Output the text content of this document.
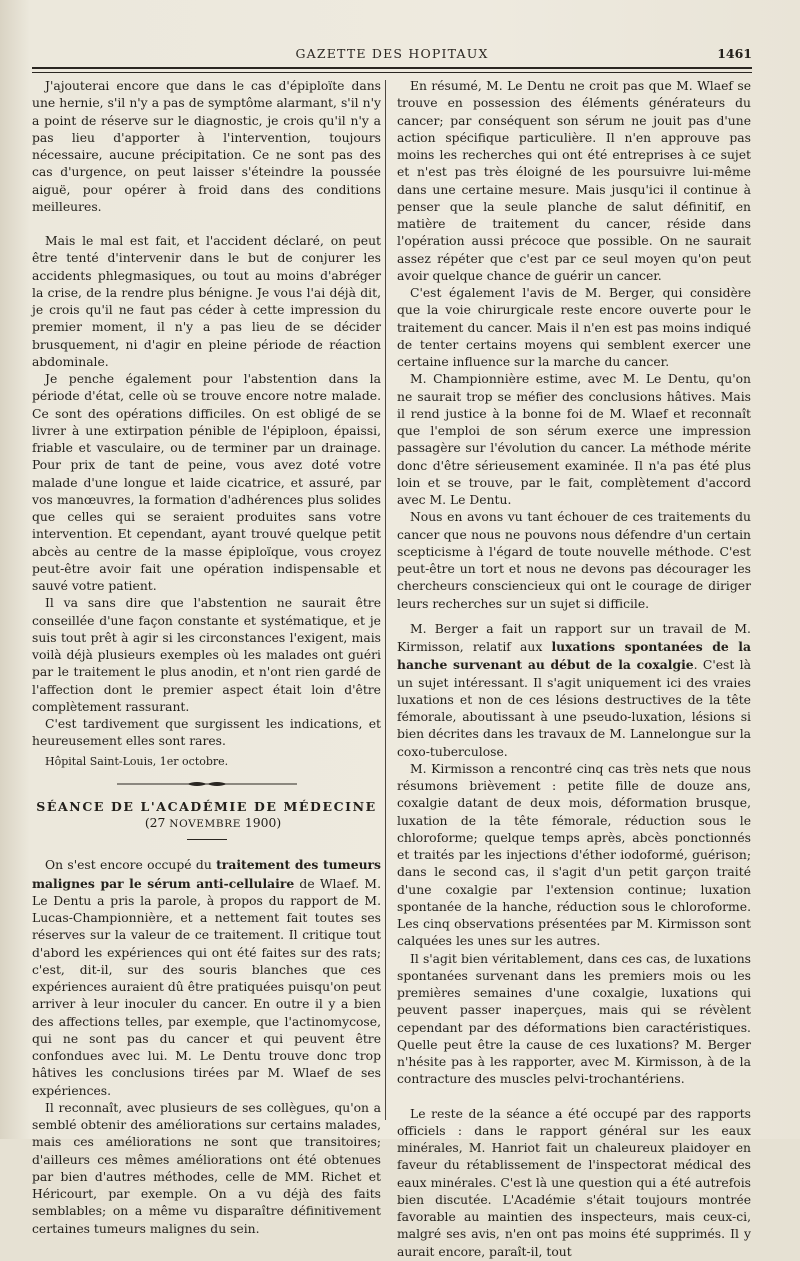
GAZETTE DES HOPITAUX	1461

J'ajouterai encore que dans le cas d'épiploïte dans une hernie, s'il n'y a pas de symptôme alarmant, s'il n'y a point de réserve sur le diagnostic, je crois qu'il n'y a pas lieu d'apporter à l'intervention, toujours nécessaire, aucune précipitation. Ce ne sont pas des cas d'urgence, on peut laisser s'éteindre la poussée aiguë, pour opérer à froid dans des conditions meilleures.

Mais le mal est fait, et l'accident déclaré, on peut être tenté d'intervenir dans le but de conjurer les accidents phlegmasiques, ou tout au moins d'abréger la crise, de la rendre plus bénigne. Je vous l'ai déjà dit, je crois qu'il ne faut pas céder à cette impression du premier moment, il n'y a pas lieu de se décider brusquement, ni d'agir en pleine période de réaction abdominale.

Je penche également pour l'abstention dans la période d'état, celle où se trouve encore notre malade. Ce sont des opérations difficiles. On est obligé de se livrer à une extirpation pénible de l'épiploon, épaissi, friable et vasculaire, ou de terminer par un drainage. Pour prix de tant de peine, vous avez doté votre malade d'une longue et laide cicatrice, et assuré, par vos manœuvres, la formation d'adhérences plus solides que celles qui se seraient produites sans votre intervention. Et cependant, ayant trouvé quelque petit abcès au centre de la masse épiploïque, vous croyez peut-être avoir fait une opération indispensable et sauvé votre patient.

Il va sans dire que l'abstention ne saurait être conseillée d'une façon constante et systématique, et je suis tout prêt à agir si les circonstances l'exigent, mais voilà déjà plusieurs exemples où les malades ont guéri par le traitement le plus anodin, et n'ont rien gardé de l'affection dont le premier aspect était loin d'être complètement rassurant.

C'est tardivement que surgissent les indications, et heureusement elles sont rares.

Hôpital Saint-Louis, 1er octobre.

SÉANCE DE L'ACADÉMIE DE MÉDECINE

(27 NOVEMBRE 1900)

On s'est encore occupé du traitement des tumeurs malignes par le sérum anti-cellulaire de Wlaef. M. Le Dentu a pris la parole, à propos du rapport de M. Lucas-Championnière, et a nettement fait toutes ses réserves sur la valeur de ce traitement. Il critique tout d'abord les expériences qui ont été faites sur des rats; c'est, dit-il, sur des souris blanches que ces expériences auraient dû être pratiquées puisqu'on peut arriver à leur inoculer du cancer. En outre il y a bien des affections telles, par exemple, que l'actinomycose, qui ne sont pas du cancer et qui peuvent être confondues avec lui. M. Le Dentu trouve donc trop hâtives les conclusions tirées par M. Wlaef de ses expériences.

Il reconnaît, avec plusieurs de ses collègues, qu'on a semblé obtenir des améliorations sur certains malades, mais ces améliorations ne sont que transitoires; d'ailleurs ces mêmes améliorations ont été obtenues par bien d'autres méthodes, celle de MM. Richet et Héricourt, par exemple. On a vu déjà des faits semblables; on a même vu disparaître définitivement certaines tumeurs malignes du sein.

En résumé, M. Le Dentu ne croit pas que M. Wlaef se trouve en possession des éléments générateurs du cancer; par conséquent son sérum ne jouit pas d'une action spécifique particulière. Il n'en approuve pas moins les recherches qui ont été entreprises à ce sujet et n'est pas très éloigné de les poursuivre lui-même dans une certaine mesure. Mais jusqu'ici il continue à penser que la seule planche de salut définitif, en matière de traitement du cancer, réside dans l'opération aussi précoce que possible. On ne saurait assez répéter que c'est par ce seul moyen qu'on peut avoir quelque chance de guérir un cancer.

C'est également l'avis de M. Berger, qui considère que la voie chirurgicale reste encore ouverte pour le traitement du cancer. Mais il n'en est pas moins indiqué de tenter certains moyens qui semblent exercer une certaine influence sur la marche du cancer.

M. Championnière estime, avec M. Le Dentu, qu'on ne saurait trop se méfier des conclusions hâtives. Mais il rend justice à la bonne foi de M. Wlaef et reconnaît que l'emploi de son sérum exerce une impression passagère sur l'évolution du cancer. La méthode mérite donc d'être sérieusement examinée. Il n'a pas été plus loin et se trouve, par le fait, complètement d'accord avec M. Le Dentu.

Nous en avons vu tant échouer de ces traitements du cancer que nous ne pouvons nous défendre d'un certain scepticisme à l'égard de toute nouvelle méthode. C'est peut-être un tort et nous ne devons pas décourager les chercheurs consciencieux qui ont le courage de diriger leurs recherches sur un sujet si difficile.

M. Berger a fait un rapport sur un travail de M. Kirmisson, relatif aux luxations spontanées de la hanche survenant au début de la coxalgie. C'est là un sujet intéressant. Il s'agit uniquement ici des vraies luxations et non de ces lésions destructives de la tête fémorale, aboutissant à une pseudo-luxation, lésions si bien décrites dans les travaux de M. Lannelongue sur la coxo-tuberculose.

M. Kirmisson a rencontré cinq cas très nets que nous résumons brièvement : petite fille de douze ans, coxalgie datant de deux mois, déformation brusque, luxation de la tête fémorale, réduction sous le chloroforme; quelque temps après, abcès ponctionnés et traités par les injections d'éther iodoformé, guérison; dans le second cas, il s'agit d'un petit garçon traité d'une coxalgie par l'extension continue; luxation spontanée de la hanche, réduction sous le chloroforme. Les cinq observations présentées par M. Kirmisson sont calquées les unes sur les autres.

Il s'agit bien véritablement, dans ces cas, de luxations spontanées survenant dans les premiers mois ou les premières semaines d'une coxalgie, luxations qui peuvent passer inaperçues, mais qui se révèlent cependant par des déformations bien caractéristiques. Quelle peut être la cause de ces luxations? M. Berger n'hésite pas à les rapporter, avec M. Kirmisson, à de la contracture des muscles pelvi-trochantériens.

Le reste de la séance a été occupé par des rapports officiels : dans le rapport général sur les eaux minérales, M. Hanriot fait un chaleureux plaidoyer en faveur du rétablissement de l'inspectorat médical des eaux minérales. C'est là une question qui a été autrefois bien discutée. L'Académie s'était toujours montrée favorable au maintien des inspecteurs, mais ceux-ci, malgré ses avis, n'en ont pas moins été supprimés. Il y aurait encore, paraît-il, tout
